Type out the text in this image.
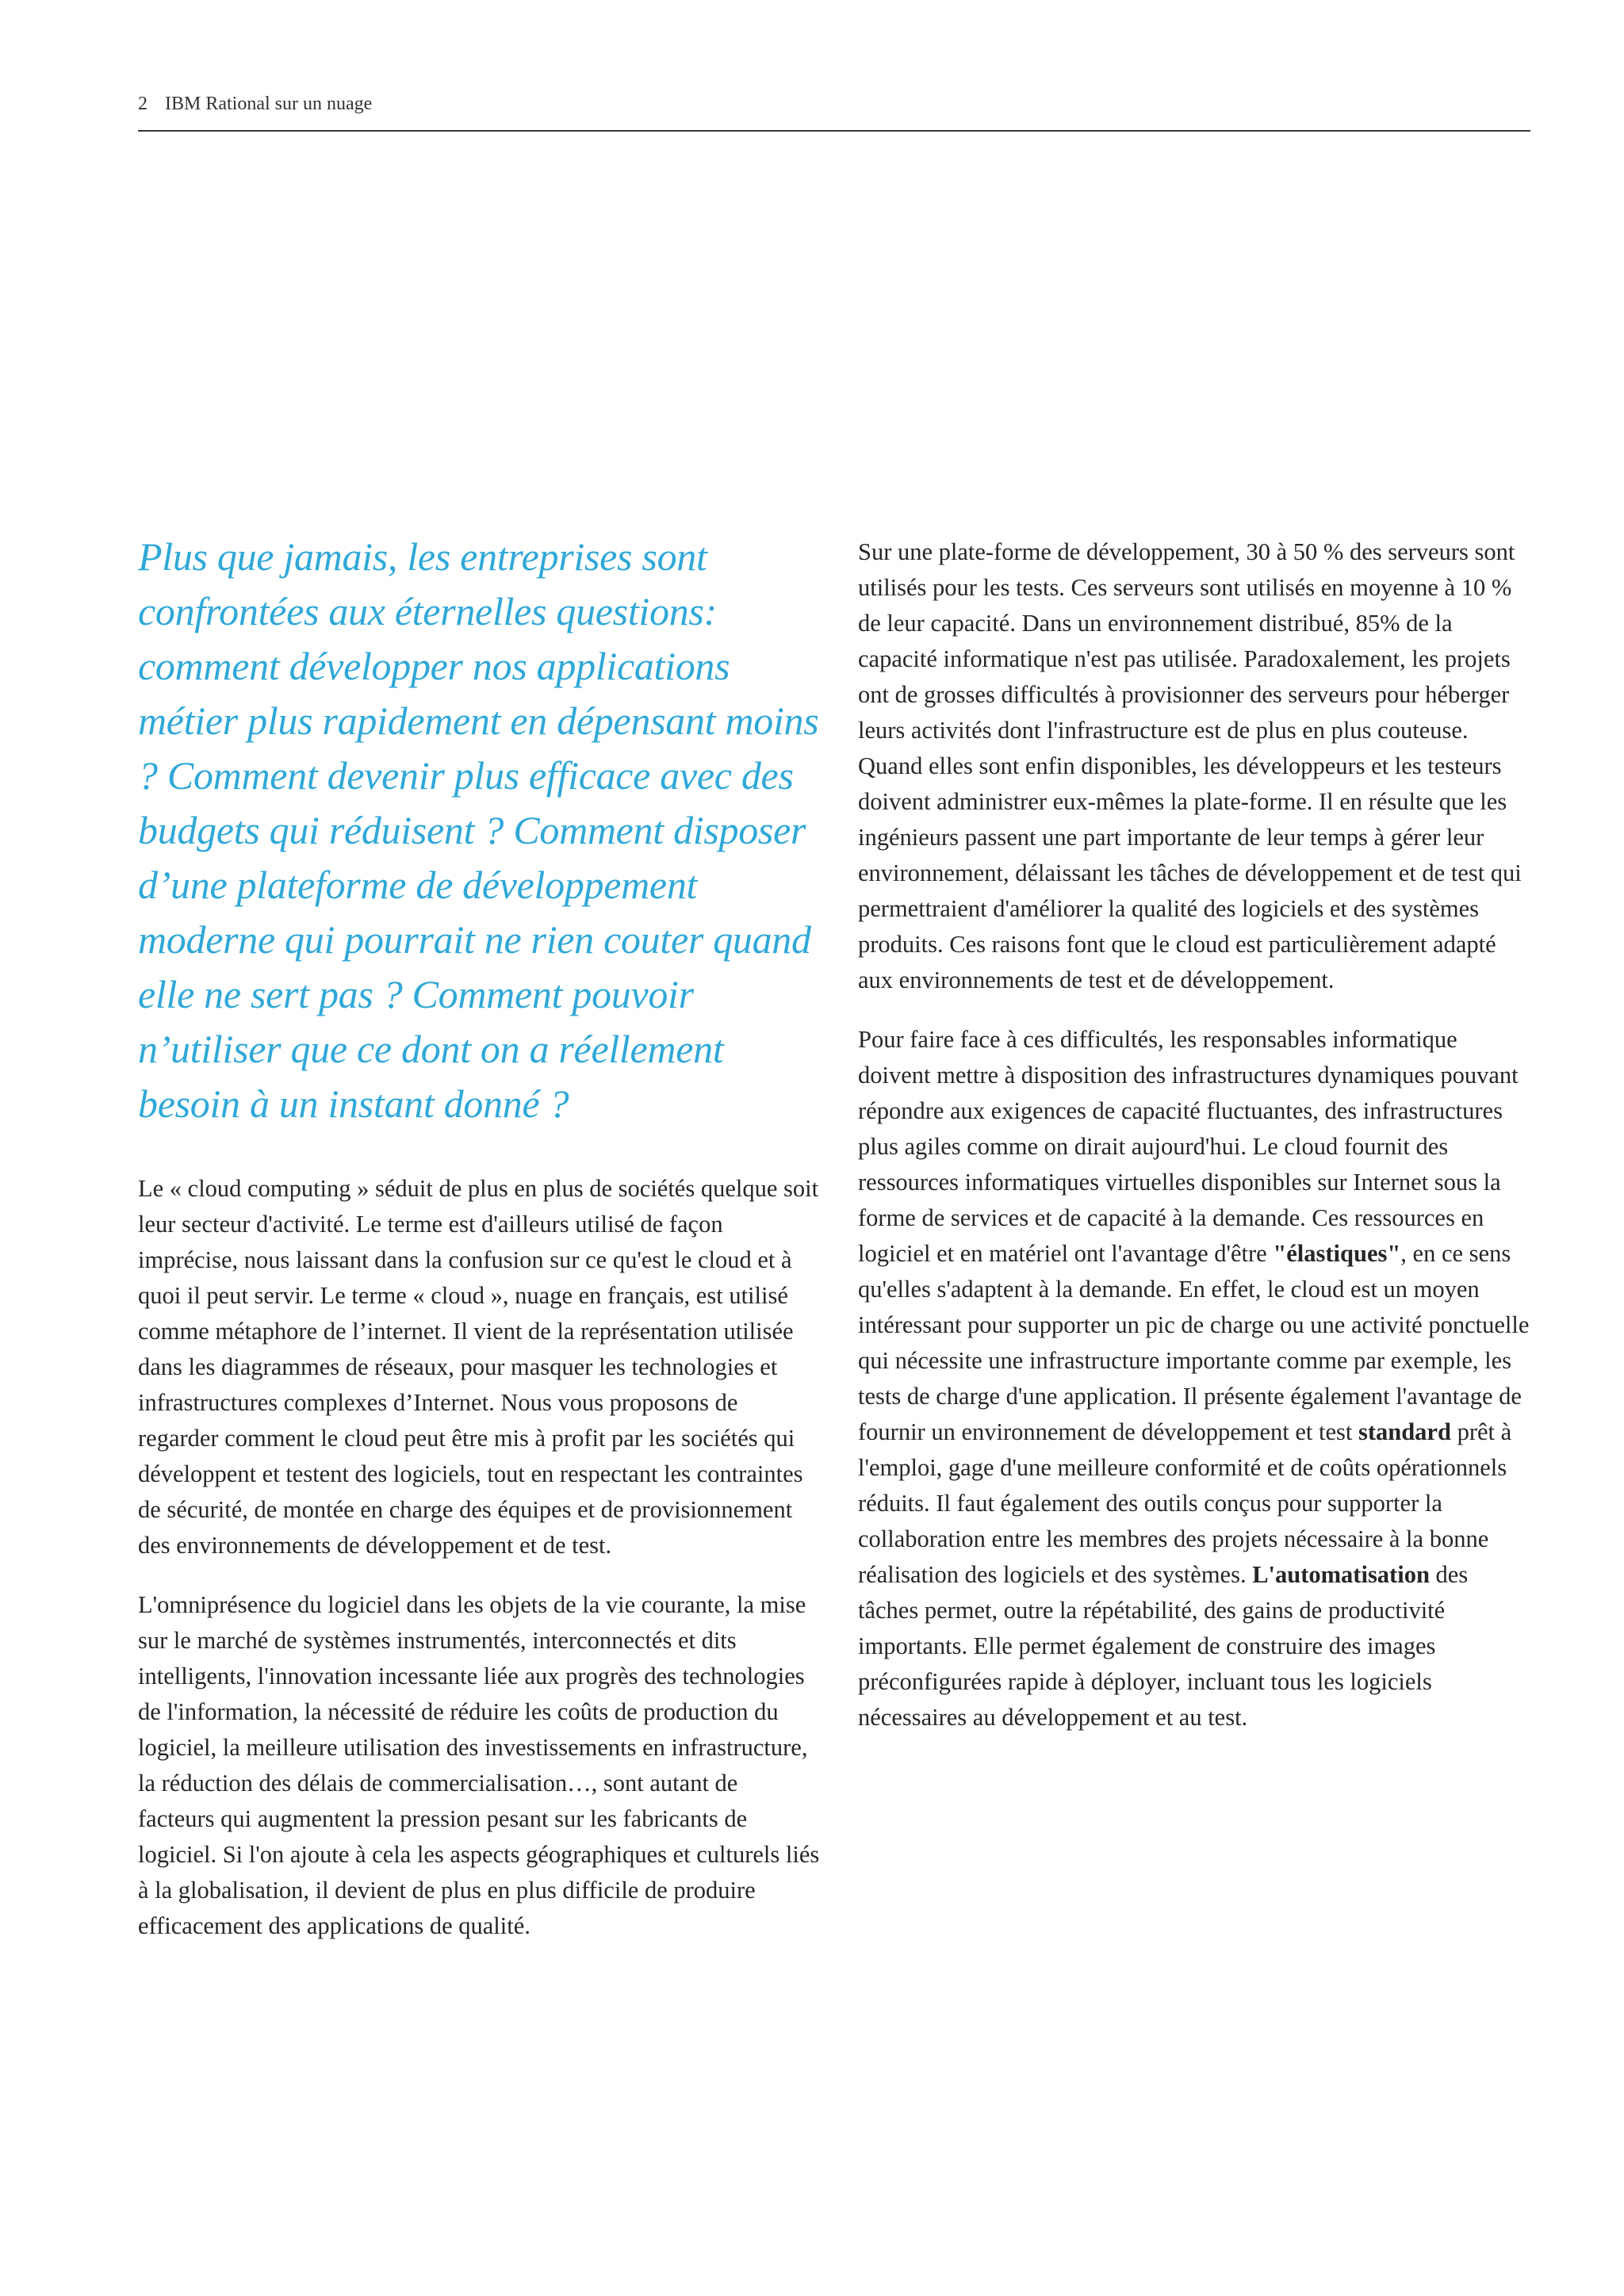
2 IBM Rational sur un nuage

Plus que jamais, les entreprises sont confrontées aux éternelles questions: comment développer nos applications métier plus rapidement en dépensant moins ? Comment devenir plus efficace avec des budgets qui réduisent ? Comment disposer d’une plateforme de développement moderne qui pourrait ne rien couter quand elle ne sert pas ? Comment pouvoir n’utiliser que ce dont on a réellement besoin à un instant donné ?

Le « cloud computing » séduit de plus en plus de sociétés quelque soit leur secteur d'activité. Le terme est d'ailleurs utilisé de façon imprécise, nous laissant dans la confusion sur ce qu'est le cloud et à quoi il peut servir. Le terme « cloud », nuage en français, est utilisé comme métaphore de l’internet. Il vient de la représentation utilisée dans les diagrammes de réseaux, pour masquer les technologies et infrastructures complexes d’Internet. Nous vous proposons de regarder comment le cloud peut être mis à profit par les sociétés qui développent et testent des logiciels, tout en respectant les contraintes de sécurité, de montée en charge des équipes et de provisionnement des environnements de développement et de test.

L'omniprésence du logiciel dans les objets de la vie courante, la mise sur le marché de systèmes instrumentés, interconnectés et dits intelligents, l'innovation incessante liée aux progrès des technologies de l'information, la nécessité de réduire les coûts de production du logiciel, la meilleure utilisation des investissements en infrastructure, la réduction des délais de commercialisation…, sont autant de facteurs qui augmentent la pression pesant sur les fabricants de logiciel. Si l'on ajoute à cela les aspects géographiques et culturels liés à la globalisation, il devient de plus en plus difficile de produire efficacement des applications de qualité.

Sur une plate-forme de développement, 30 à 50 % des serveurs sont utilisés pour les tests. Ces serveurs sont utilisés en moyenne à 10 % de leur capacité. Dans un environnement distribué, 85% de la capacité informatique n'est pas utilisée. Paradoxalement, les projets ont de grosses difficultés à provisionner des serveurs pour héberger leurs activités dont l'infrastructure est de plus en plus couteuse. Quand elles sont enfin disponibles, les développeurs et les testeurs doivent administrer eux-mêmes la plate-forme. Il en résulte que les ingénieurs passent une part importante de leur temps à gérer leur environnement, délaissant les tâches de développement et de test qui permettraient d'améliorer la qualité des logiciels et des systèmes produits. Ces raisons font que le cloud est particulièrement adapté aux environnements de test et de développement.

Pour faire face à ces difficultés, les responsables informatique doivent mettre à disposition des infrastructures dynamiques pouvant répondre aux exigences de capacité fluctuantes, des infrastructures plus agiles comme on dirait aujourd'hui. Le cloud fournit des ressources informatiques virtuelles disponibles sur Internet sous la forme de services et de capacité à la demande. Ces ressources en logiciel et en matériel ont l'avantage d'être "élastiques", en ce sens qu'elles s'adaptent à la demande. En effet, le cloud est un moyen intéressant pour supporter un pic de charge ou une activité ponctuelle qui nécessite une infrastructure importante comme par exemple, les tests de charge d'une application. Il présente également l'avantage de fournir un environnement de développement et test standard prêt à l'emploi, gage d'une meilleure conformité et de coûts opérationnels réduits. Il faut également des outils conçus pour supporter la collaboration entre les membres des projets nécessaire à la bonne réalisation des logiciels et des systèmes. L'automatisation des tâches permet, outre la répétabilité, des gains de productivité importants. Elle permet également de construire des images préconfigurées rapide à déployer, incluant tous les logiciels nécessaires au développement et au test.
